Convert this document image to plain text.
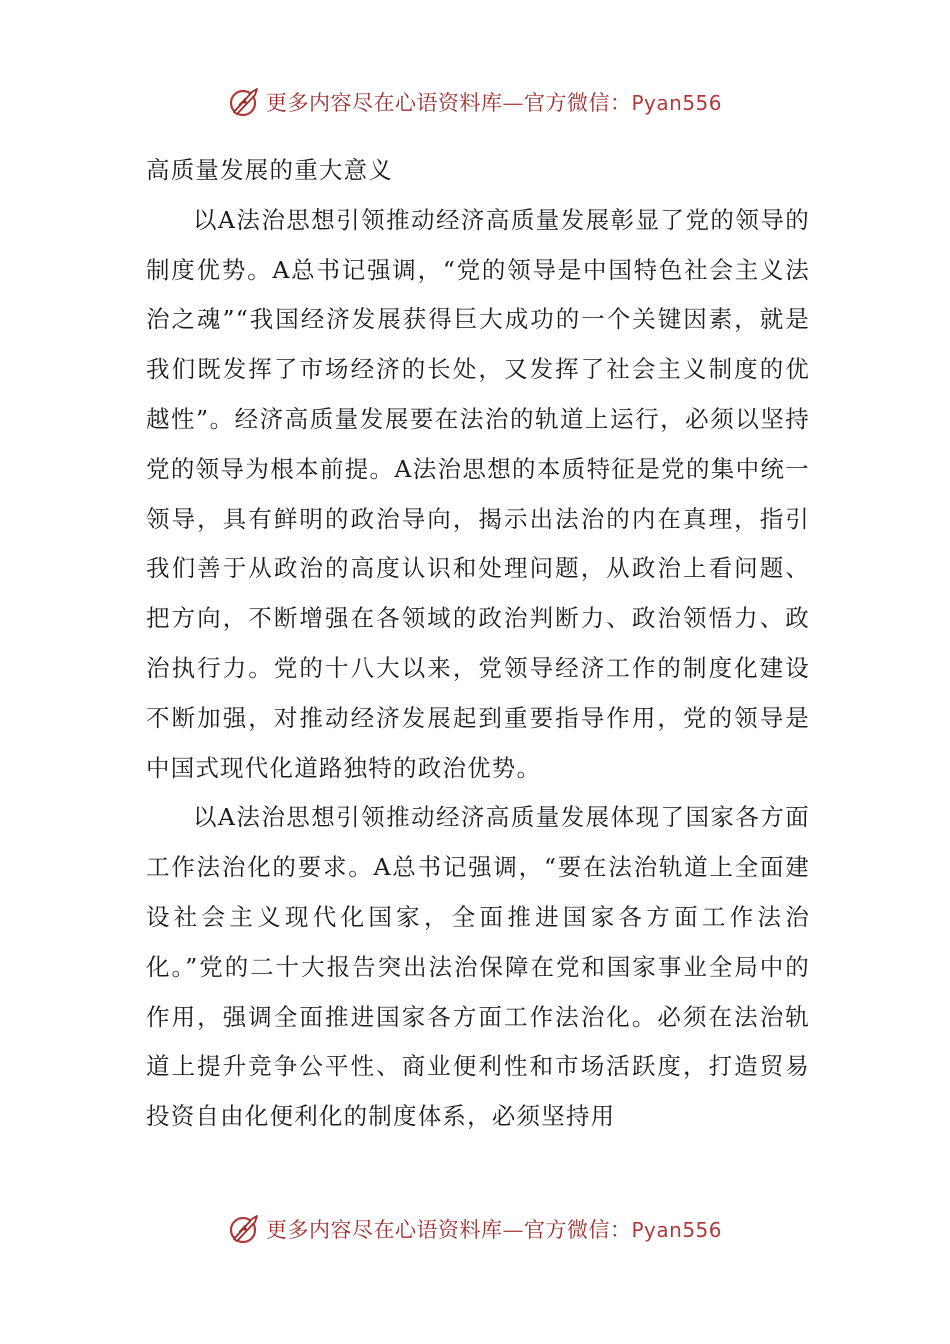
更多内容尽在心语资料库—官方微信：Pyan556

高质量发展的重大意义

以A法治思想引领推动经济高质量发展彰显了党的领导的制度优势。A总书记强调，“党的领导是中国特色社会主义法治之魂”“我国经济发展获得巨大成功的一个关键因素，就是我们既发挥了市场经济的长处，又发挥了社会主义制度的优越性”。经济高质量发展要在法治的轨道上运行，必须以坚持党的领导为根本前提。A法治思想的本质特征是党的集中统一领导，具有鲜明的政治导向，揭示出法治的内在真理，指引我们善于从政治的高度认识和处理问题，从政治上看问题、把方向，不断增强在各领域的政治判断力、政治领悟力、政治执行力。党的十八大以来，党领导经济工作的制度化建设不断加强，对推动经济发展起到重要指导作用，党的领导是中国式现代化道路独特的政治优势。

以A法治思想引领推动经济高质量发展体现了国家各方面工作法治化的要求。A总书记强调，“要在法治轨道上全面建设社会主义现代化国家，全面推进国家各方面工作法治化。”党的二十大报告突出法治保障在党和国家事业全局中的作用，强调全面推进国家各方面工作法治化。必须在法治轨道上提升竞争公平性、商业便利性和市场活跃度，打造贸易投资自由化便利化的制度体系，必须坚持用

更多内容尽在心语资料库—官方微信：Pyan556
